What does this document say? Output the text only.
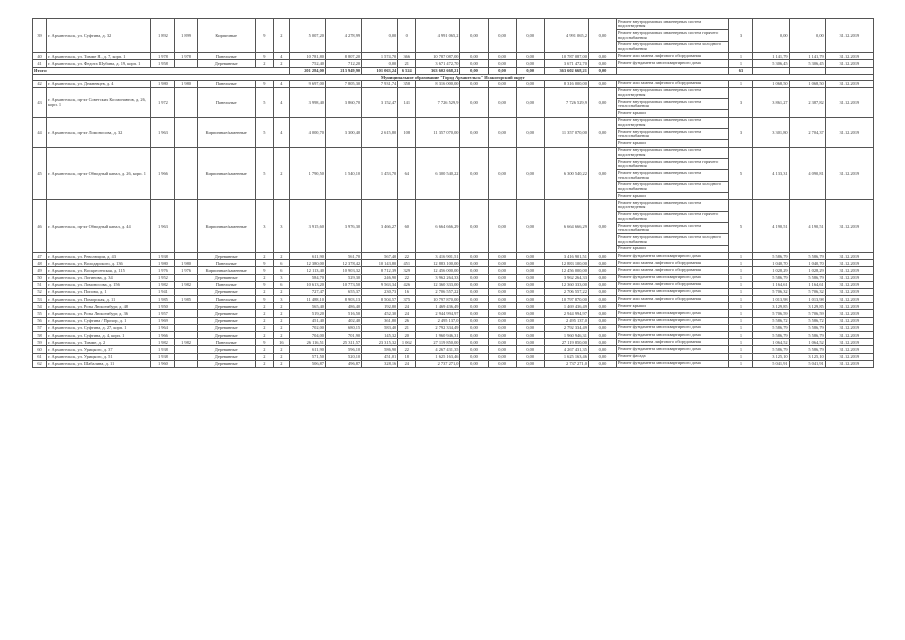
39	г. Архангельск, ул. Суфтина, д. 32	1 892	1 899	Кирпичные	9	2	5 007,20	4 278,99	0,00	0	4 991 065,2	0,00	0,00	0,00	4 991 065,2	0,00	Ремонт внутридомовых инженерных систем водоотведения
Ремонт внутридомовых инженерных систем горячего водоснабжения
Ремонт внутридомовых инженерных систем холодного водоснабжения	3	0,00	0,00	31.12.2019
40	г. Архангельск, ул. Тимме Я., д. 7, корп. 1	1 978	1 978	Панельные	9	4	10 781,80	8 807,20	1 574,70	366	10 787 087,00	0,00	0,00	0,00	10 787 087,00	0,00	Ремонт или замена лифтового оборудования	1	1 141,79	1 141,79	31.12.2019
41	г. Архангельск, ул. Федота Шубина, д. 19, корп. 1	1 958		Деревянные	2	2	752,40	712,20	0,00	21	3 671 472,70	0,00	0,00	0,00	3 671 472,70	0,00	Ремонт фундамента многоквартирного дома	1	5 306,45	5 306,45	31.12.2019
Итого:							201 284,00	213 949,90	101 063,24	6 524	363 602 668,21	0,00	0,00	0,00	363 602 668,21	0,00		63			
Муниципальное образование "Город Архангельск" Исакогорский округ																					
42	г. Архангельск, ул. Дежневцев, д. 4	1 980	1 980	Панельные	9	4	9 697,00	7 805,30	7 931,74	358	8 316 000,00	0,00	0,00	0,00	8 316 000,00	0,00	Ремонт или замена лифтового оборудования	1	1 068,50	1 068,50	31.12.2019
43	г. Архангельск, пр-кт Советских Космонавтов, д. 26, корп. 1	1 972		Панельные	5	4	3 998,40	3 860,70	3 152,47	141	7 726 529,9	0,00	0,00	0,00	7 726 529,9	0,00	Ремонт внутридомовых инженерных систем водоотведения
Ремонт внутридомовых инженерных систем теплоснабжения
Ремонт крыши	3	3 861,27	2 387,82	31.12.2019
44	г. Архангельск, пр-кт Ломоносова, д. 32	1 963		Кирпичные/каменные	5	4	4 000,70	3 300,40	2 615,80	108	11 357 070,00	0,00	0,00	0,00	11 357 070,00	0,00	Ремонт внутридомовых инженерных систем водоотведения
Ремонт внутридомовых инженерных систем теплоснабжения
Ремонт крыши	3	3 301,80	2 704,37	31.12.2019
45	г. Архангельск, пр-кт Обводный канал, д. 26, корп. 1	1 966		Кирпичные/каменные	5	2	1 790,50	1 540,10	1 453,70	64	6 300 540,22	0,00	0,00	0,00	6 300 540,22	0,00	Ремонт внутридомовых инженерных систем водоотведения
Ремонт внутридомовых инженерных систем горячего водоснабжения
Ремонт внутридомовых инженерных систем теплоснабжения
Ремонт внутридомовых инженерных систем холодного водоснабжения
Ремонт крыши	5	4 133,31	4 090,81	31.12.2019
46	г. Архангельск, пр-кт Обводный канал, д. 44	1 963		Кирпичные/каменные	3	3	3 915,60	3 976,30	3 466,27	60	6 664 666,29	0,00	0,00	0,00	6 664 666,29	0,00	Ремонт внутридомовых инженерных систем водоотведения
Ремонт внутридомовых инженерных систем горячего водоснабжения
Ремонт внутридомовых инженерных систем теплоснабжения
Ремонт внутридомовых инженерных систем холодного водоснабжения
Ремонт крыши	5	4 190,51	4 190,51	31.12.2019
47	г. Архангельск, ул. Революции, д. 43	1 938		Деревянные	2	2	611,90	561,70	567,40	22	3 416 901,51	0,00	0,00	0,00	3 416 901,51	0,00	Ремонт фундамента многоквартирного дома	1	5 586,79	5 586,79	31.12.2019
48	г. Архангельск, ул. Володарского, д. 136	1 980	1 980	Панельные	9	6	12 380,00	12 378,42	10 143,80	451	12 883 100,00	0,00	0,00	0,00	12 883 100,00	0,00	Ремонт или замена лифтового оборудования	1	1 040,70	1 040,70	31.12.2019
49	г. Архангельск, ул. Воскресенская, д. 115	1 976	1 976	Кирпичные/каменные	9	6	12 113,40	10 903,32	8 712,39	329	12 456 000,00	0,00	0,00	0,00	12 456 000,00	0,00	Ремонт или замена лифтового оборудования	1	1 028,29	1 028,29	31.12.2019
50	г. Архангельск, ул. Логинова, д. 34	1 952		Деревянные	2	3	584,70	529,30	246,90	22	3 962 264,33	0,00	0,00	0,00	3 962 264,33	0,00	Ремонт фундамента многоквартирного дома	1	5 586,79	5 586,79	31.12.2019
51	г. Архангельск, ул. Ломоносова, д. 156	1 982	1 982	Панельные	9	6	10 613,20	10 773,50	9 563,34	426	12 360 333,00	0,00	0,00	0,00	12 360 333,00	0,00	Ремонт или замена лифтового оборудования	1	1 164,61	1 164,61	31.12.2019
52	г. Архангельск, ул. Попова, д. 1	1 941		Деревянные	2	2	727,47	655,37	230,73	16	2 706 557,22	0,00	0,00	0,00	2 706 557,22	0,00	Ремонт фундамента многоквартирного дома	1	5 706,32	5 706,32	31.12.2019
53	г. Архангельск, ул. Поморская, д. 11	1 985	1 985	Панельные	9	3	11 488,10	8 903,13	8 504,57	375	10 797 870,00	0,00	0,00	0,00	10 797 870,00	0,00	Ремонт или замена лифтового оборудования	1	1 013,98	1 013,98	31.12.2019
54	г. Архангельск, ул. Розы Люксембург, д. 48	1 950		Деревянные	2	2	565,40	486,40	192,80	24	1 469 436,49	0,00	0,00	0,00	1 469 436,49	0,00	Ремонт крыши	1	3 129,85	3 129,85	31.12.2019
55	г. Архангельск, ул. Розы Люксембург, д. 36	1 957		Деревянные	2	2	519,20	516,50	452,30	24	2 944 994,97	0,00	0,00	0,00	2 944 994,97	0,00	Ремонт фундамента многоквартирного дома	1	5 706,59	5 706,59	31.12.2019
56	г. Архангельск, ул. Суфтина / Прохор, д. 1	1 969		Деревянные	2	2	451,40	402,40	361,80	26	2 495 137,0	0,00	0,00	0,00	2 495 137,0	0,00	Ремонт фундамента многоквартирного дома	1	5 586,72	5 586,72	31.12.2019
57	г. Архангельск, ул. Суфтина, д. 27, корп. 1	1 964		Деревянные	2	2	702,00	680,15	583,40	21	2 792 334,49	0,00	0,00	0,00	2 792 334,49	0,00	Ремонт фундамента многоквартирного дома	1	5 586,79	5 586,79	31.12.2019
58	г. Архангельск, ул. Суфтина, д. 4, корп. 1	1 966		Деревянные	2	2	704,00	701,90	145,32	20	1 960 946,31	0,00	0,00	0,00	1 960 946,31	0,00	Ремонт фундамента многоквартирного дома	1	5 586,79	5 586,79	31.12.2019
59	г. Архангельск, ул. Тимме, д. 2	1 982	1 982	Панельные	9	16	26 116,51	25 311,57	23 315,32	1 062	27 119 850,00	0,00	0,00	0,00	27 119 850,00	0,00	Ремонт или замена лифтового оборудования	1	1 064,52	1 064,52	31.12.2019
60	г. Архангельск, ул. Урицкого, д. 37	1 938		Деревянные	2	2	611,90	596,10	586,90	22	4 267 431,35	0,00	0,00	0,00	4 267 431,35	0,00	Ремонт фундамента многоквартирного дома	1	5 586,79	5 586,79	31.12.2019
61	г. Архангельск, ул. Урицкого, д. 51	1 938		Деревянные	2	2	571,50	520,10	451,01	18	1 625 163,46	0,00	0,00	0,00	1 625 163,46	0,00	Ремонт фасада	1	3 125,10	3 125,10	31.12.2019
62	г. Архангельск, ул. Шабалина, д. 11	1 960		Деревянные	2	2	506,87	496,87	328,16	24	2 737 271,0	0,00	0,00	0,00	2 737 271,0	0,00	Ремонт фундамента многоквартирного дома	1	5 041,91	5 041,91	31.12.2019
